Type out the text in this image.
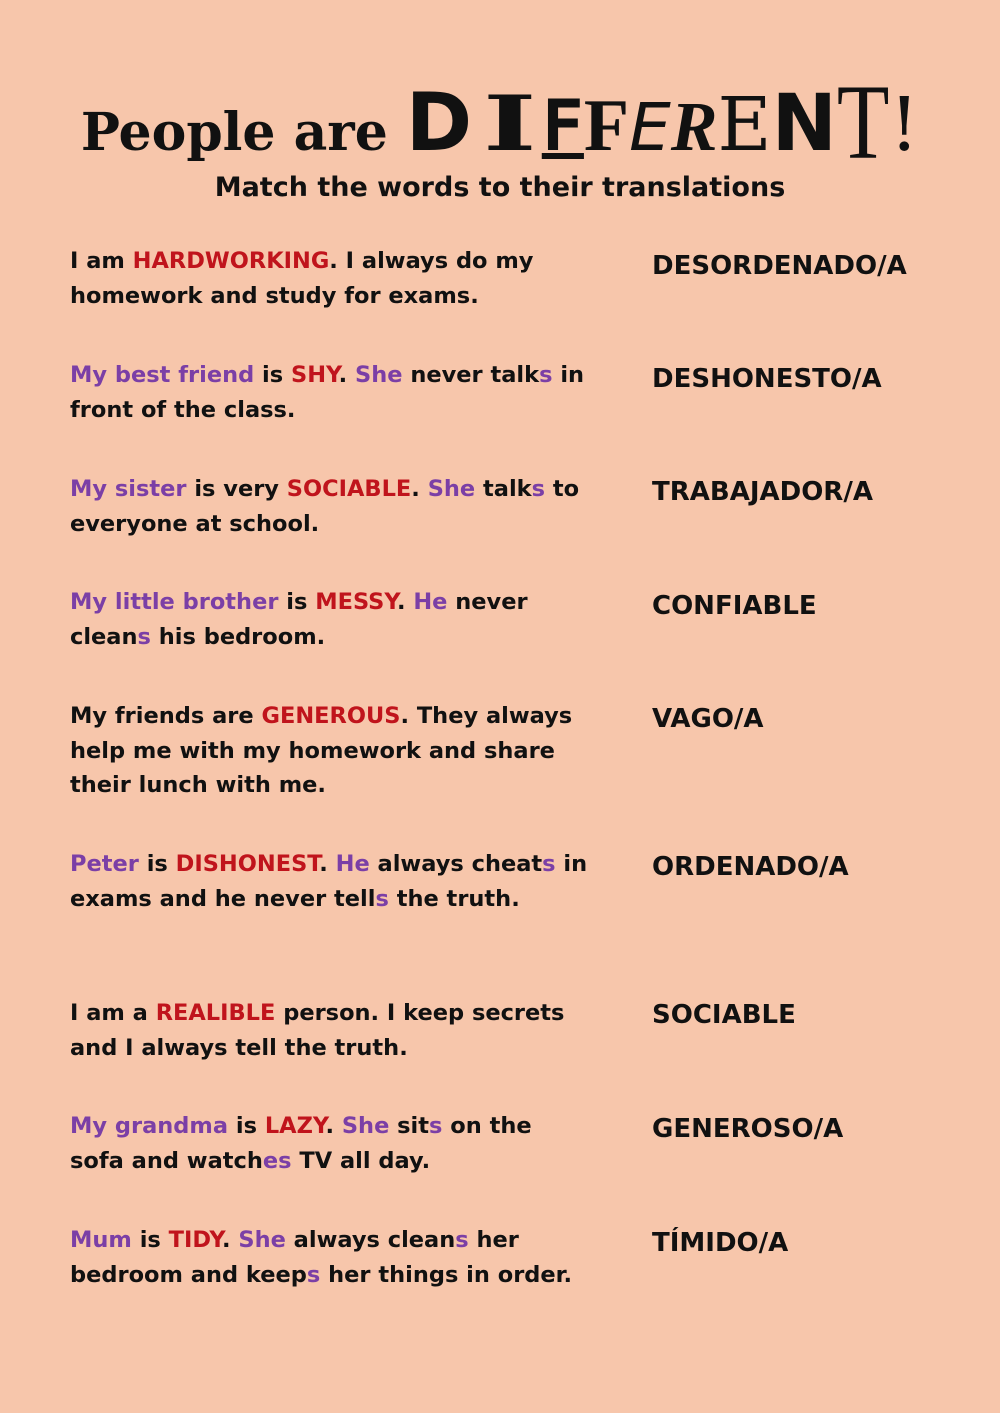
People are DIFFERENT!
Match the words to their translations

I am HARDWORKING. I always do my homework and study for exams.

My best friend is SHY. She never talks in front of the class.

My sister is very SOCIABLE. She talks to everyone at school.

My little brother is MESSY. He never cleans his bedroom.

My friends are GENEROUS. They always help me with my homework and share their lunch with me.

Peter is DISHONEST. He always cheats in exams and he never tells the truth.

I am a REALIBLE person. I keep secrets and I always tell the truth.

My grandma is LAZY. She sits on the sofa and watches TV all day.

Mum is TIDY. She always cleans her bedroom and keeps her things in order.

DESORDENADO/A
DESHONESTO/A
TRABAJADOR/A
CONFIABLE
VAGO/A
ORDENADO/A
SOCIABLE
GENEROSO/A
TÍMIDO/A
